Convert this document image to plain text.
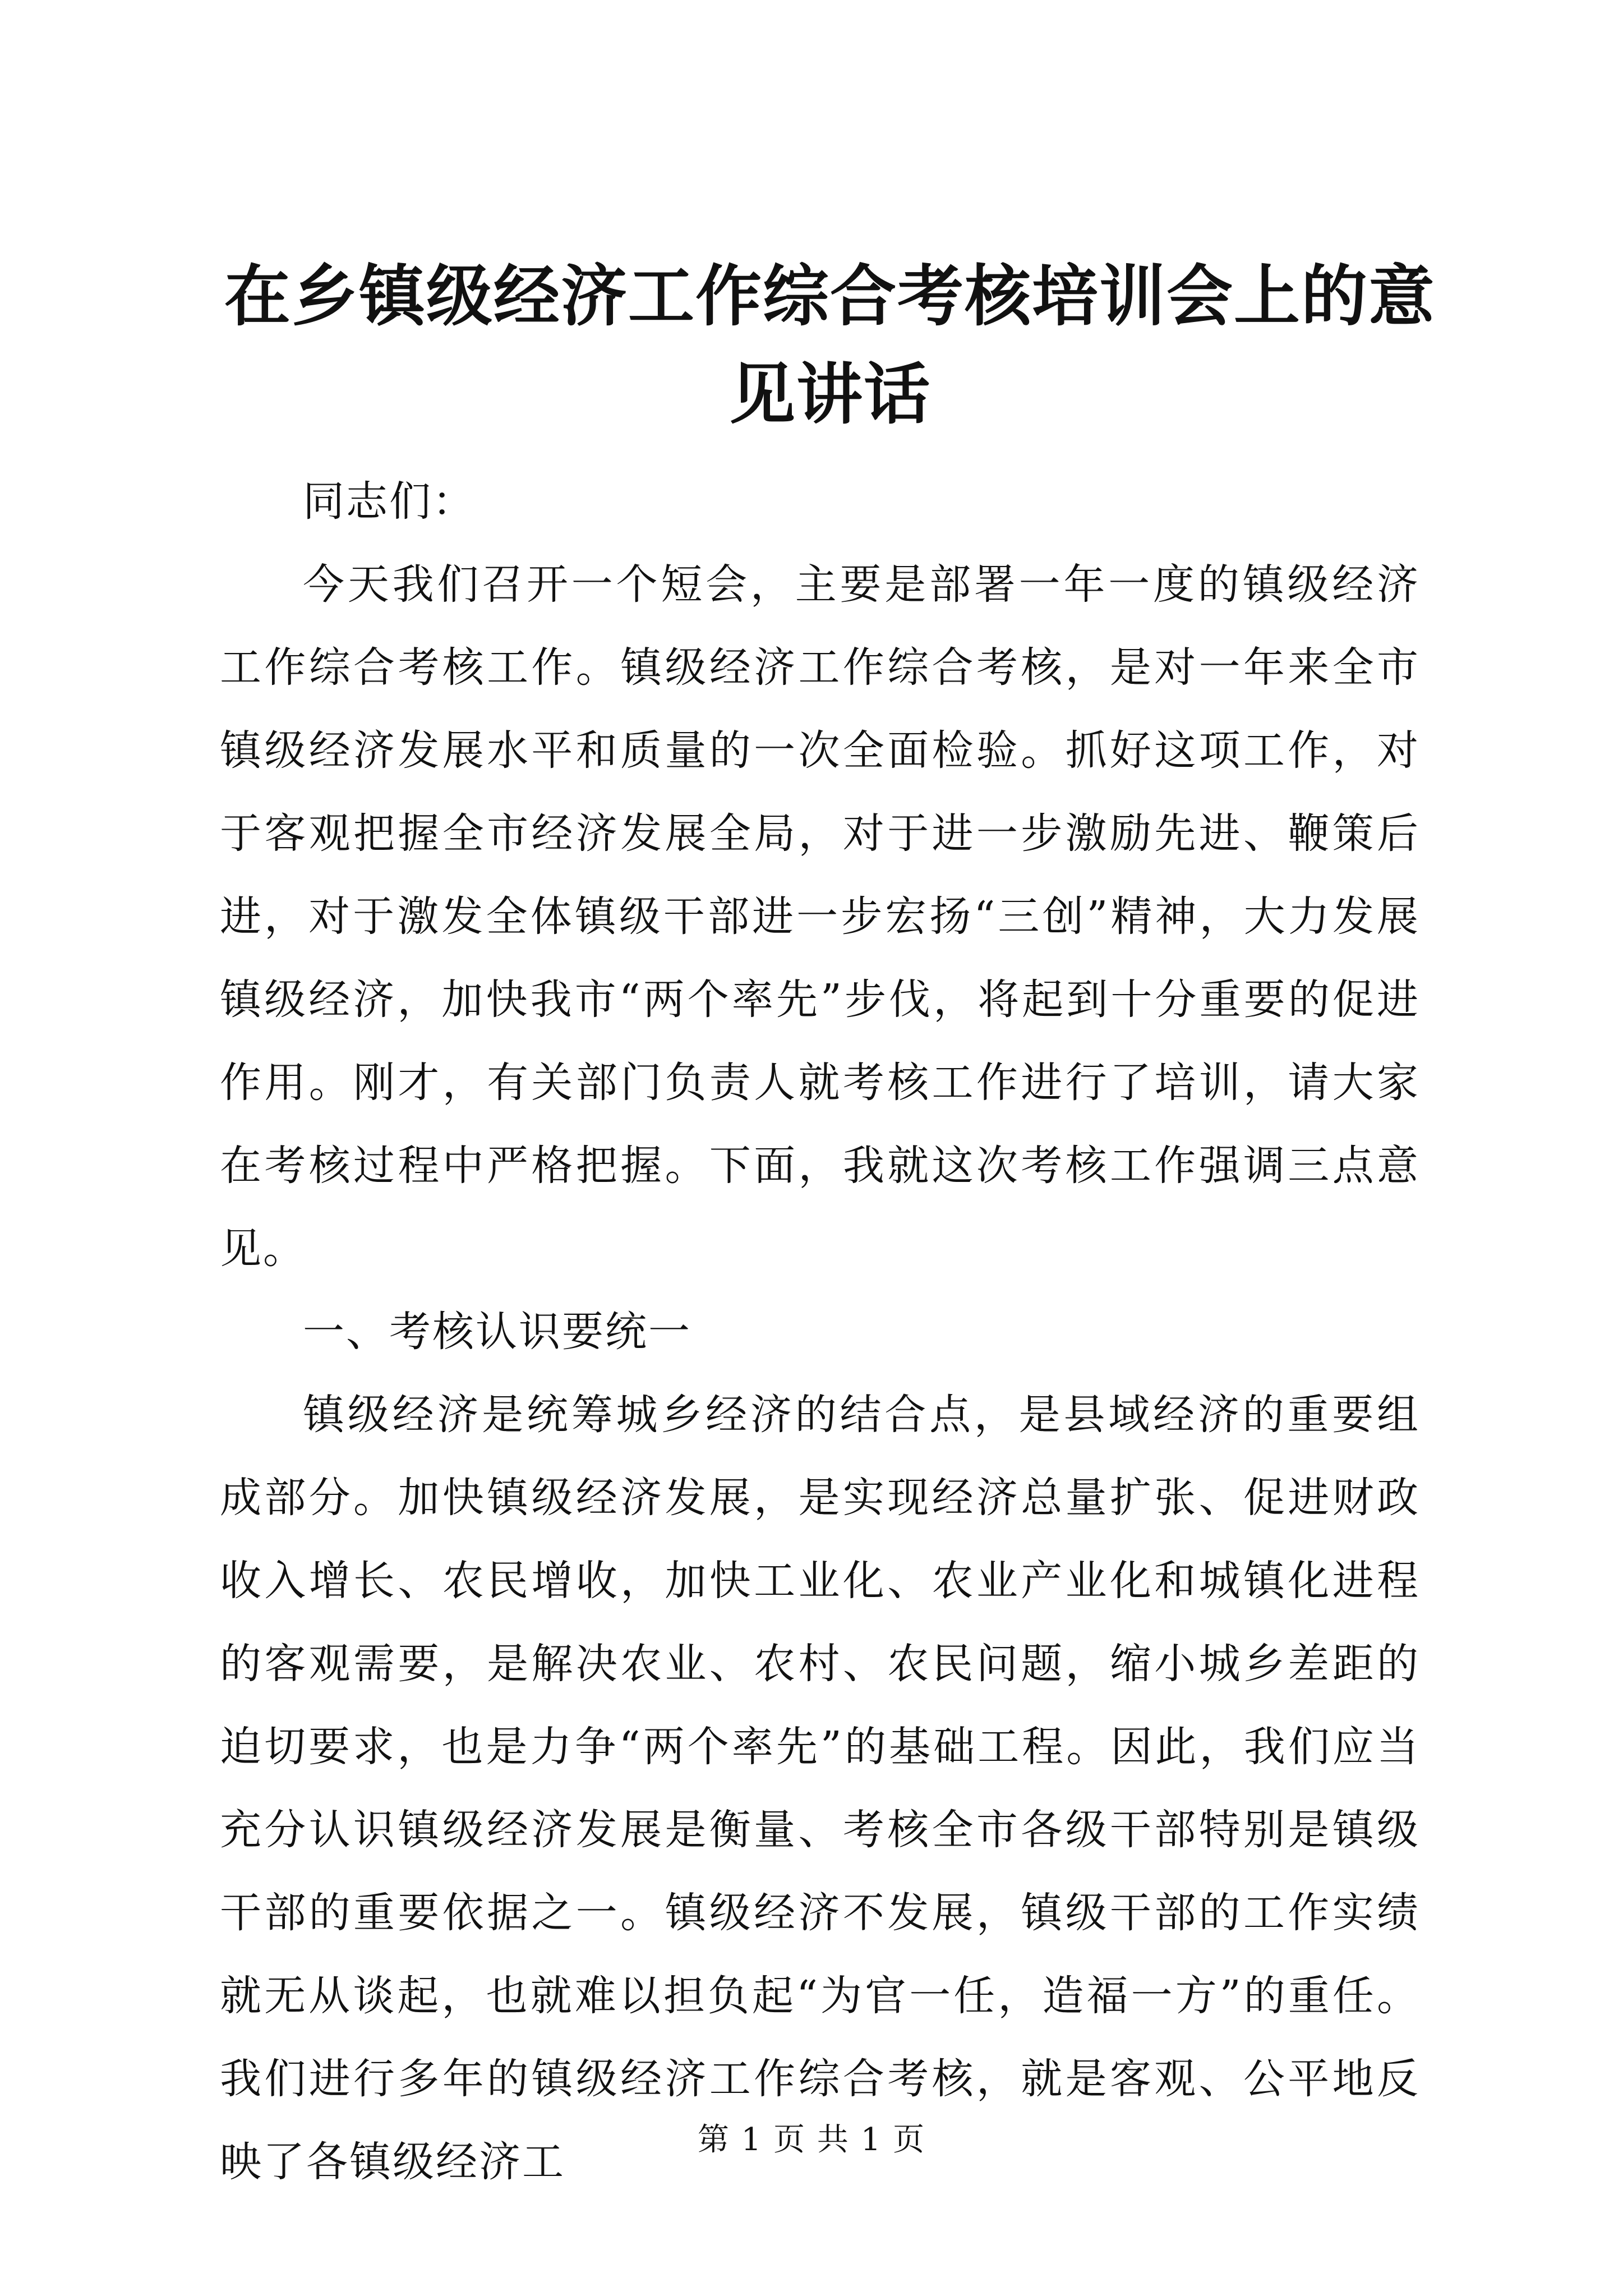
在乡镇级经济工作综合考核培训会上的意见讲话

同志们：

今天我们召开一个短会，主要是部署一年一度的镇级经济工作综合考核工作。镇级经济工作综合考核，是对一年来全市镇级经济发展水平和质量的一次全面检验。抓好这项工作，对于客观把握全市经济发展全局，对于进一步激励先进、鞭策后进，对于激发全体镇级干部进一步宏扬“三创”精神，大力发展镇级经济，加快我市“两个率先”步伐，将起到十分重要的促进作用。刚才，有关部门负责人就考核工作进行了培训，请大家在考核过程中严格把握。下面，我就这次考核工作强调三点意见。

一、考核认识要统一

镇级经济是统筹城乡经济的结合点，是县域经济的重要组成部分。加快镇级经济发展，是实现经济总量扩张、促进财政收入增长、农民增收，加快工业化、农业产业化和城镇化进程的客观需要，是解决农业、农村、农民问题，缩小城乡差距的迫切要求，也是力争“两个率先”的基础工程。因此，我们应当充分认识镇级经济发展是衡量、考核全市各级干部特别是镇级干部的重要依据之一。镇级经济不发展，镇级干部的工作实绩就无从谈起，也就难以担负起“为官一任，造福一方”的重任。我们进行多年的镇级经济工作综合考核，就是客观、公平地反映了各镇级经济工	第 1 页 共 1 页
